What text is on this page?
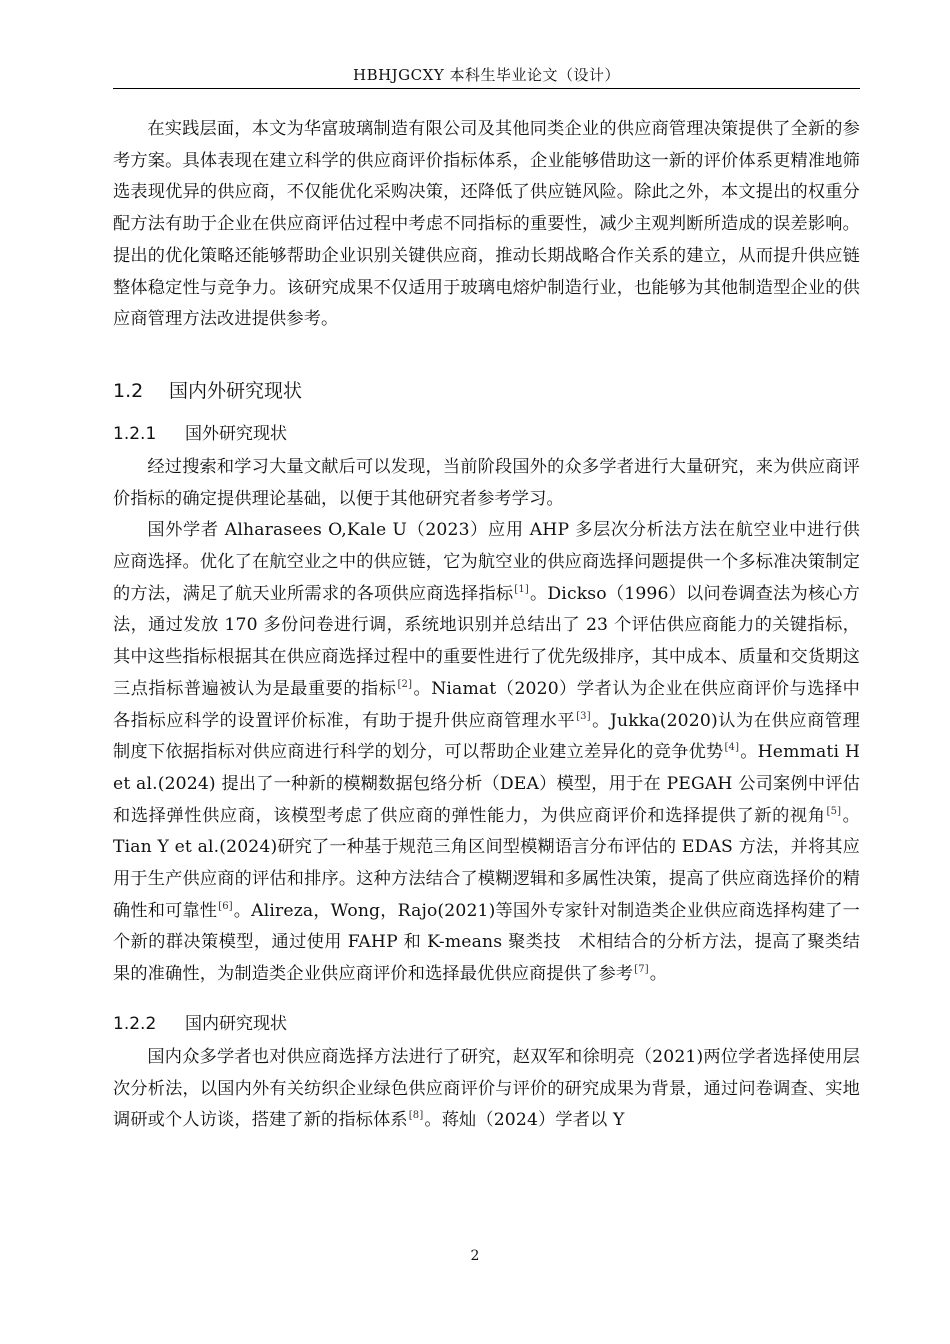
HBHJGCXY 本科生毕业论文（设计）

在实践层面，本文为华富玻璃制造有限公司及其他同类企业的供应商管理决策提供了全新的参考方案。具体表现在建立科学的供应商评价指标体系，企业能够借助这一新的评价体系更精准地筛选表现优异的供应商，不仅能优化采购决策，还降低了供应链风险。除此之外，本文提出的权重分配方法有助于企业在供应商评估过程中考虑不同指标的重要性，减少主观判断所造成的误差影响。提出的优化策略还能够帮助企业识别关键供应商，推动长期战略合作关系的建立，从而提升供应链整体稳定性与竞争力。该研究成果不仅适用于玻璃电熔炉制造行业，也能够为其他制造型企业的供应商管理方法改进提供参考。

1.2 国内外研究现状
1.2.1 国外研究现状

经过搜索和学习大量文献后可以发现，当前阶段国外的众多学者进行大量研究，来为供应商评价指标的确定提供理论基础，以便于其他研究者参考学习。

国外学者 Alharasees O,Kale U（2023）应用 AHP 多层次分析法方法在航空业中进行供应商选择。优化了在航空业之中的供应链，它为航空业的供应商选择问题提供一个多标准决策制定的方法，满足了航天业所需求的各项供应商选择指标[1]。Dickso（1996）以问卷调查法为核心方法，通过发放 170 多份问卷进行调，系统地识别并总结出了 23 个评估供应商能力的关键指标，其中这些指标根据其在供应商选择过程中的重要性进行了优先级排序，其中成本、质量和交货期这三点指标普遍被认为是最重要的指标[2]。Niamat（2020）学者认为企业在供应商评价与选择中各指标应科学的设置评价标准，有助于提升供应商管理水平[3]。Jukka(2020)认为在供应商管理制度下依据指标对供应商进行科学的划分，可以帮助企业建立差异化的竞争优势[4]。Hemmati H et al.(2024) 提出了一种新的模糊数据包络分析（DEA）模型，用于在 PEGAH 公司案例中评估和选择弹性供应商，该模型考虑了供应商的弹性能力，为供应商评价和选择提供了新的视角[5]。Tian Y et al.(2024)研究了一种基于规范三角区间型模糊语言分布评估的 EDAS 方法，并将其应用于生产供应商的评估和排序。这种方法结合了模糊逻辑和多属性决策，提高了供应商选择价的精确性和可靠性[6]。Alireza，Wong，Rajo(2021)等国外专家针对制造类企业供应商选择构建了一个新的群决策模型，通过使用 FAHP 和 K-means 聚类技　术相结合的分析方法，提高了聚类结果的准确性，为制造类企业供应商评价和选择最优供应商提供了参考[7]。

1.2.2 国内研究现状

国内众多学者也对供应商选择方法进行了研究，赵双军和徐明亮（2021)两位学者选择使用层次分析法，以国内外有关纺织企业绿色供应商评价与评价的研究成果为背景，通过问卷调查、实地调研或个人访谈，搭建了新的指标体系[8]。蒋灿（2024）学者以 Y

2
